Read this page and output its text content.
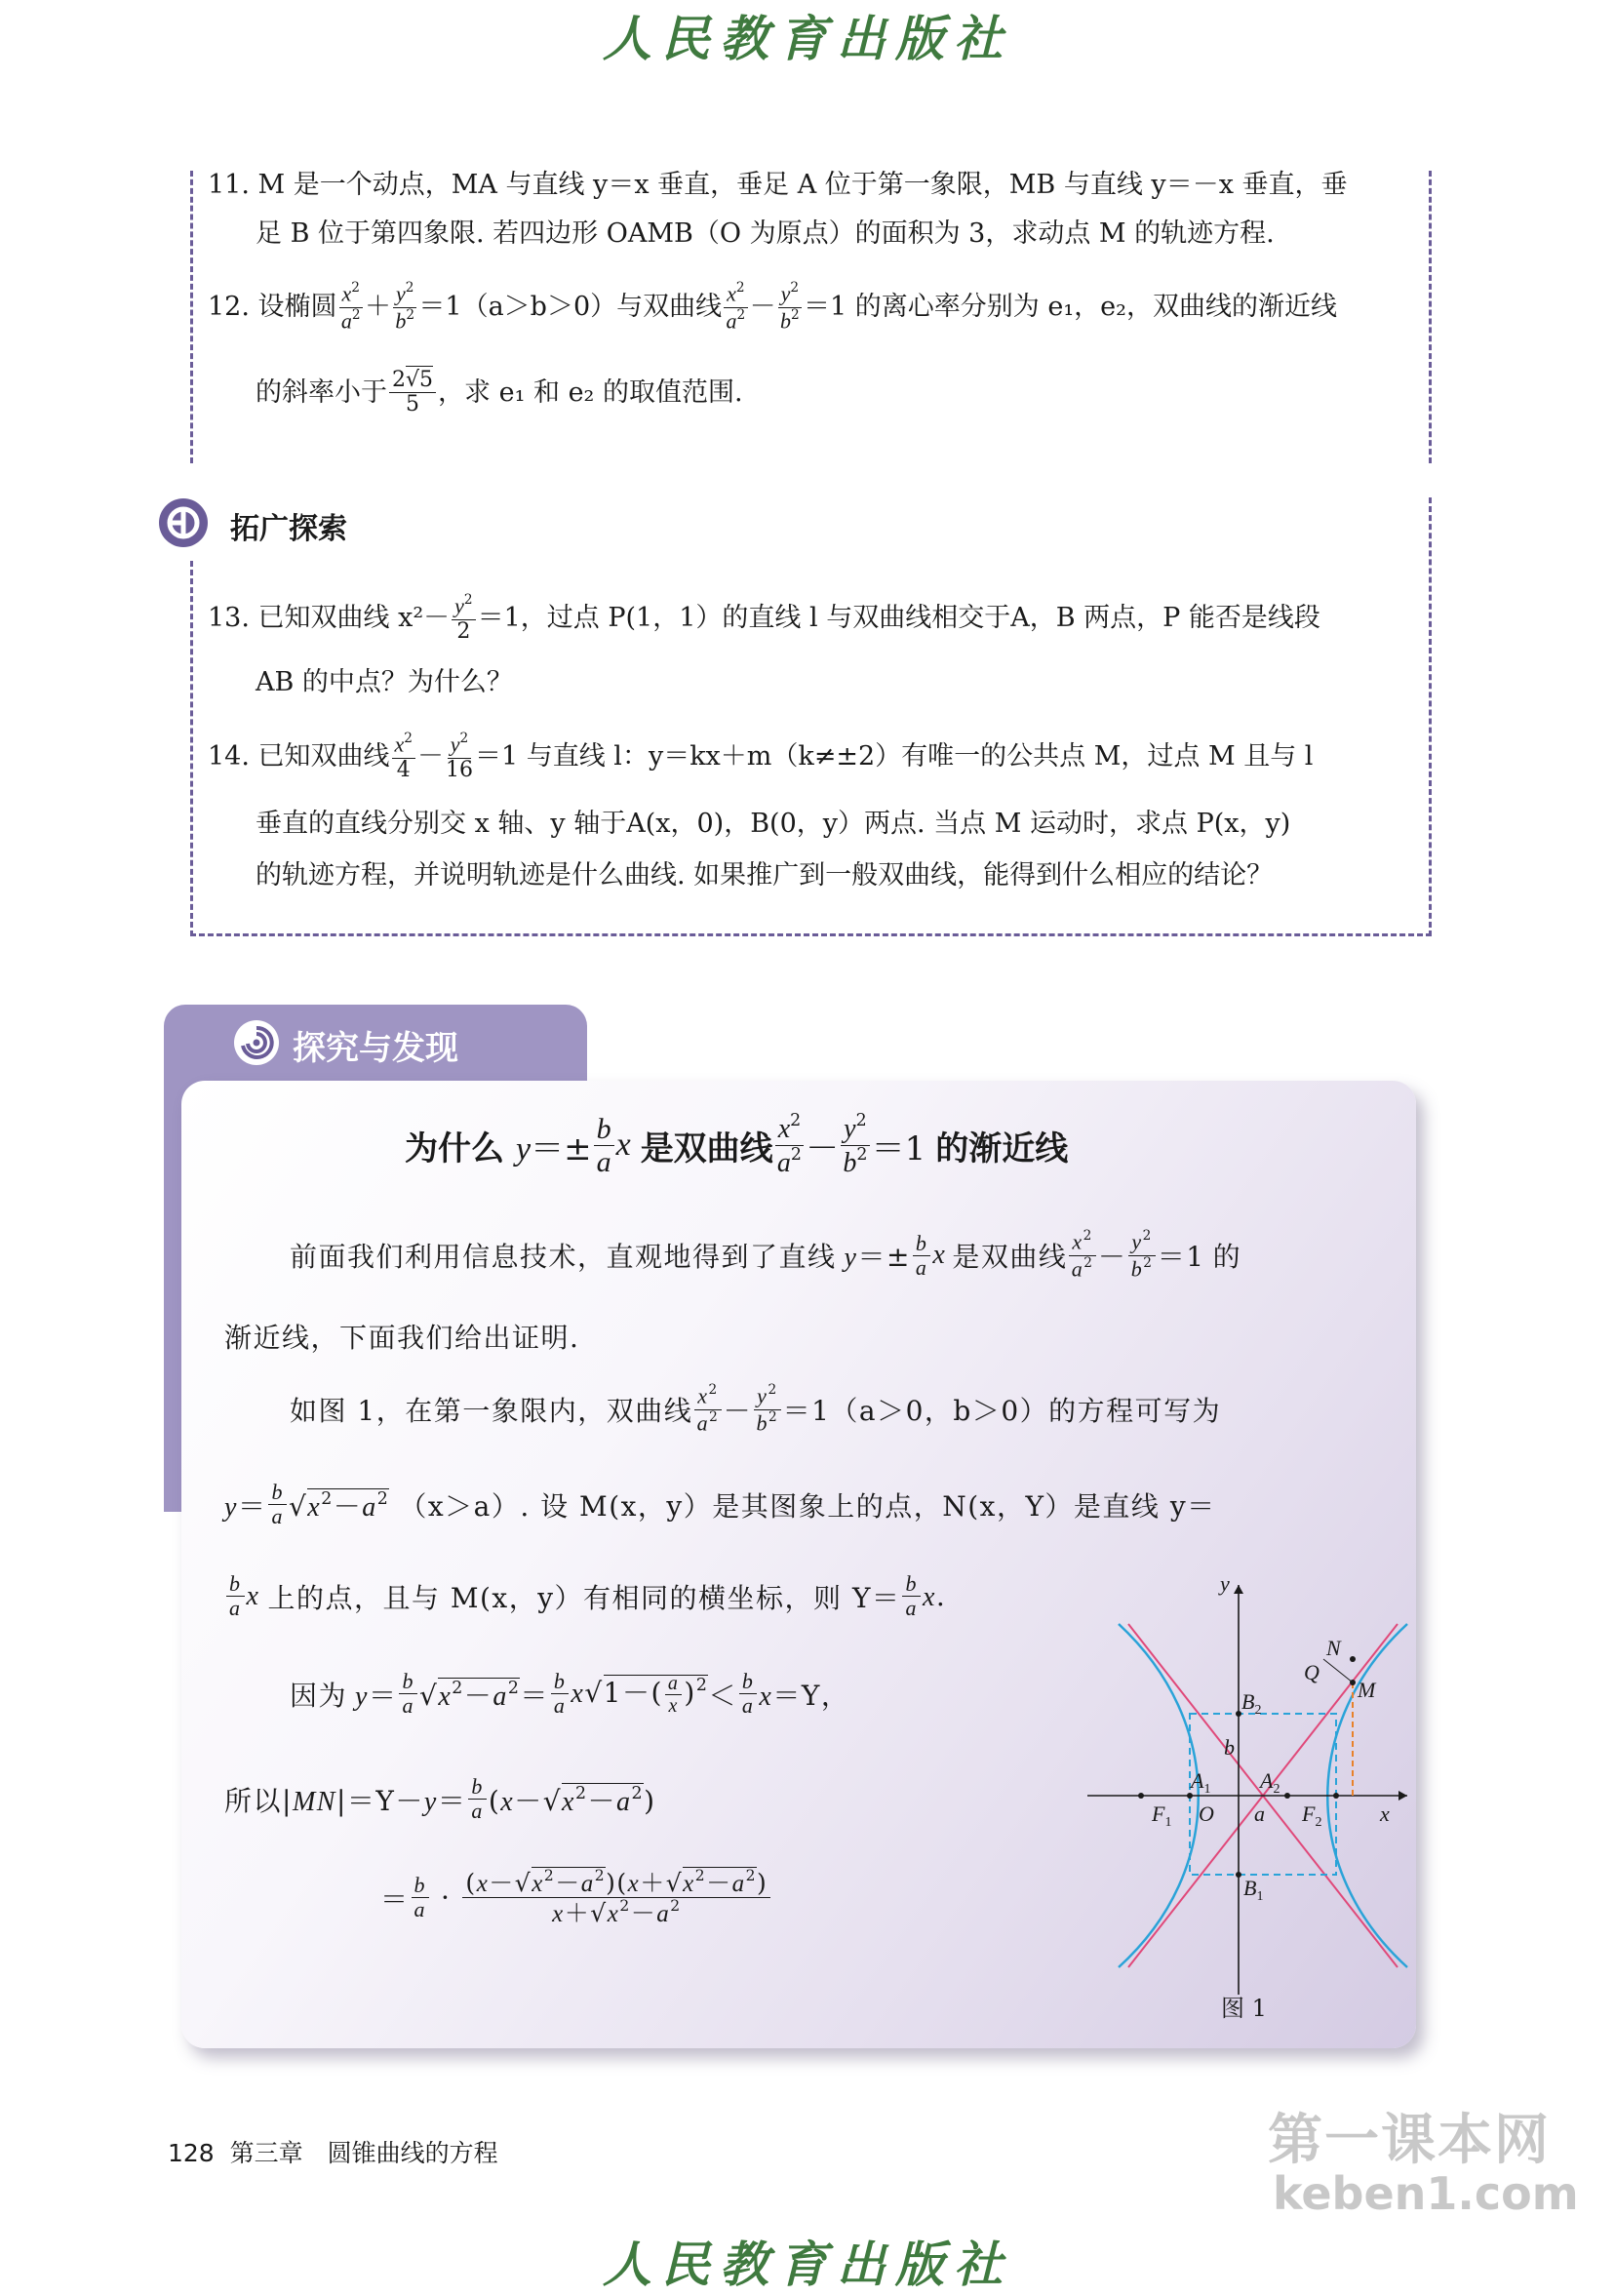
人民教育出版社
11. M 是一个动点，MA 与直线 y＝x 垂直，垂足 A 位于第一象限，MB 与直线 y＝－x 垂直，垂
足 B 位于第四象限. 若四边形 OAMB（O 为原点）的面积为 3，求动点 M 的轨迹方程.
12. 设椭圆 $x^2$
$a^2 + y^2$
$b^2 =1(a>b>0)$与双曲线 $x^2$
$a^2 - y^2$
$b^2 =1$ 的离心率分别为 e₁，e₂，双曲线的渐近线
的斜率小于 2√5
5 ，求 e₁ 和 e₂ 的取值范围.
拓广探索
13. 已知双曲线 $x^2- y^2$
2 ＝1，过点 P(1，1）的直线 l 与双曲线相交于A，B 两点，P 能否是线段
AB 的中点？为什么？
14. 已知双曲线 $x^2$
$4 - y^2$
16 ＝1 与直线 l：y＝kx＋m（k≠±2）有唯一的公共点 M，过点 M 且与 l
垂直的直线分别交 x 轴、y 轴于A(x，0)，B(0，y）两点. 当点 M 运动时，求点 P(x，y)
的轨迹方程，并说明轨迹是什么曲线. 如果推广到一般双曲线，能得到什么相应的结论？
探究与发现
为什么 $y=\pm \frac{b}{a}$ x 是双曲线
$x^2$
$a^2$ －
$y^2$
$b^2 =1$ 的渐近线
前面我们利用信息技术，直观地得到了直线 $y=\pm \frac{b}{a}$ x 是双曲线 $x^2$
$a^2 - y^2$
$b^2 =1$ 的
渐近线，下面我们给出证明.
如图 1，在第一象限内，双曲线 $x^2$
$a^2 - y^2$
$b^2 =1(a>0$，b＞0）的方程可写为
y＝ b
a $√x^2-a^2$ （x＞a）. 设 M(x，y）是其图象上的点，N(x，Y）是直线 y＝
b
a x 上的点，且与 M(x，y）有相同的横坐标，则 Y＝ b
a x.
因为 y＝ b
a $√x^2-a^2= b$
a x $√1-( \frac{a}{x} )^2 < b$
a x＝Y，
所以 |MN|＝Y－y＝ b
a $(x-√x^2-a^2)$
＝ b
$a \cdot (x-√x^2-a^2)(x+√x^2-a^2)$
$x+√x^2-a^2$
y
x
N
Q
M
$B_2$
b
$A_1$ $A_2$
$F_1$ O a $F_2$
$B_1$
图 1
128 第三章　圆锥曲线的方程	第一课本网
keben1.com
人民教育出版社
